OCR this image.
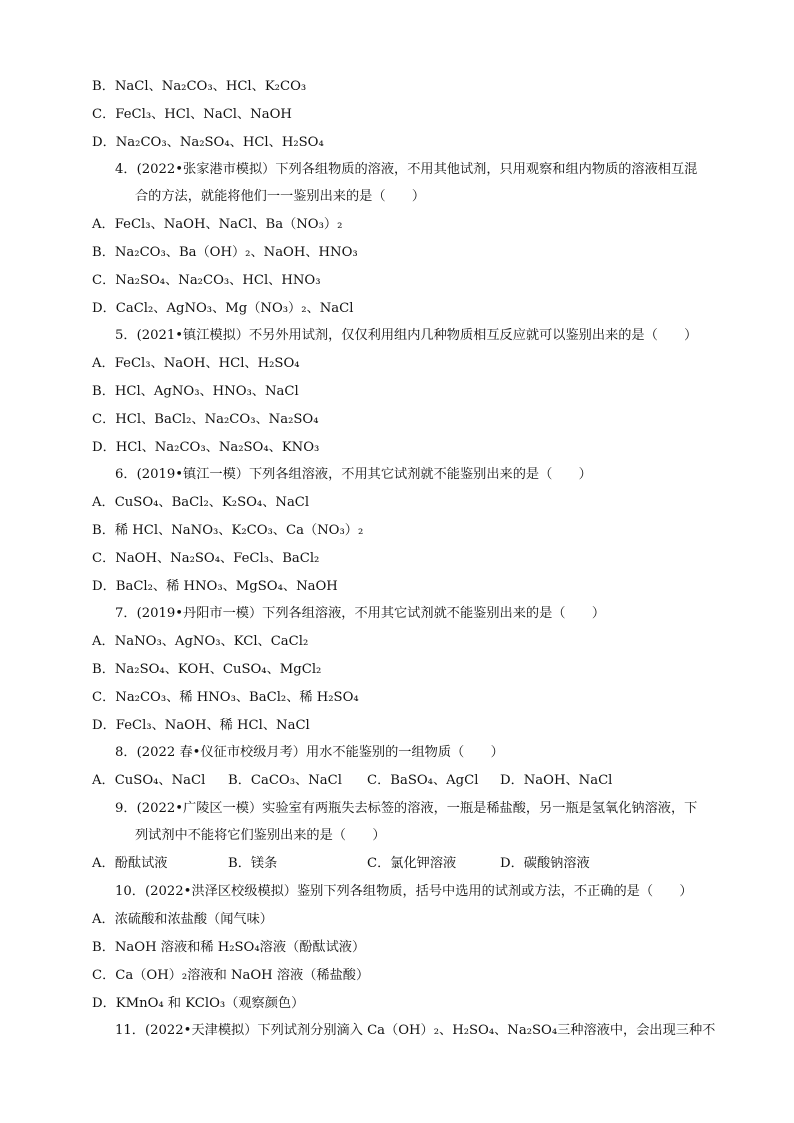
B．NaCl、Na₂CO₃、HCl、K₂CO₃
C．FeCl₃、HCl、NaCl、NaOH
D．Na₂CO₃、Na₂SO₄、HCl、H₂SO₄
4．(2022•张家港市模拟）下列各组物质的溶液，不用其他试剂，只用观察和组内物质的溶液相互混
合的方法，就能将他们一一鉴别出来的是（　　）
A．FeCl₃、NaOH、NaCl、Ba（NO₃）₂
B．Na₂CO₃、Ba（OH）₂、NaOH、HNO₃
C．Na₂SO₄、Na₂CO₃、HCl、HNO₃
D．CaCl₂、AgNO₃、Mg（NO₃）₂、NaCl
5．(2021•镇江模拟）不另外用试剂，仅仅利用组内几种物质相互反应就可以鉴别出来的是（　　）
A．FeCl₃、NaOH、HCl、H₂SO₄
B．HCl、AgNO₃、HNO₃、NaCl
C．HCl、BaCl₂、Na₂CO₃、Na₂SO₄
D．HCl、Na₂CO₃、Na₂SO₄、KNO₃
6．(2019•镇江一模）下列各组溶液，不用其它试剂就不能鉴别出来的是（　　）
A．CuSO₄、BaCl₂、K₂SO₄、NaCl
B．稀 HCl、NaNO₃、K₂CO₃、Ca（NO₃）₂
C．NaOH、Na₂SO₄、FeCl₃、BaCl₂
D．BaCl₂、稀 HNO₃、MgSO₄、NaOH
7．(2019•丹阳市一模）下列各组溶液，不用其它试剂就不能鉴别出来的是（　　）
A．NaNO₃、AgNO₃、KCl、CaCl₂
B．Na₂SO₄、KOH、CuSO₄、MgCl₂
C．Na₂CO₃、稀 HNO₃、BaCl₂、稀 H₂SO₄
D．FeCl₃、NaOH、稀 HCl、NaCl
8．(2022 春•仪征市校级月考）用水不能鉴别的一组物质（　　）
A．CuSO₄、NaCl B．CaCO₃、NaCl C．BaSO₄、AgCl D．NaOH、NaCl
9．(2022•广陵区一模）实验室有两瓶失去标签的溶液，一瓶是稀盐酸，另一瓶是氢氧化钠溶液，下
列试剂中不能将它们鉴别出来的是（　　）
A．酚酞试液	B．镁条	C．氯化钾溶液	D．碳酸钠溶液
10．(2022•洪泽区校级模拟）鉴别下列各组物质，括号中选用的试剂或方法，不正确的是（　　）
A．浓硫酸和浓盐酸（闻气味）
B．NaOH 溶液和稀 H₂SO₄溶液（酚酞试液）
C．Ca（OH）₂溶液和 NaOH 溶液（稀盐酸）
D．KMnO₄ 和 KClO₃（观察颜色）
11．(2022•天津模拟）下列试剂分别滴入 Ca（OH）₂、H₂SO₄、Na₂SO₄三种溶液中，会出现三种不
